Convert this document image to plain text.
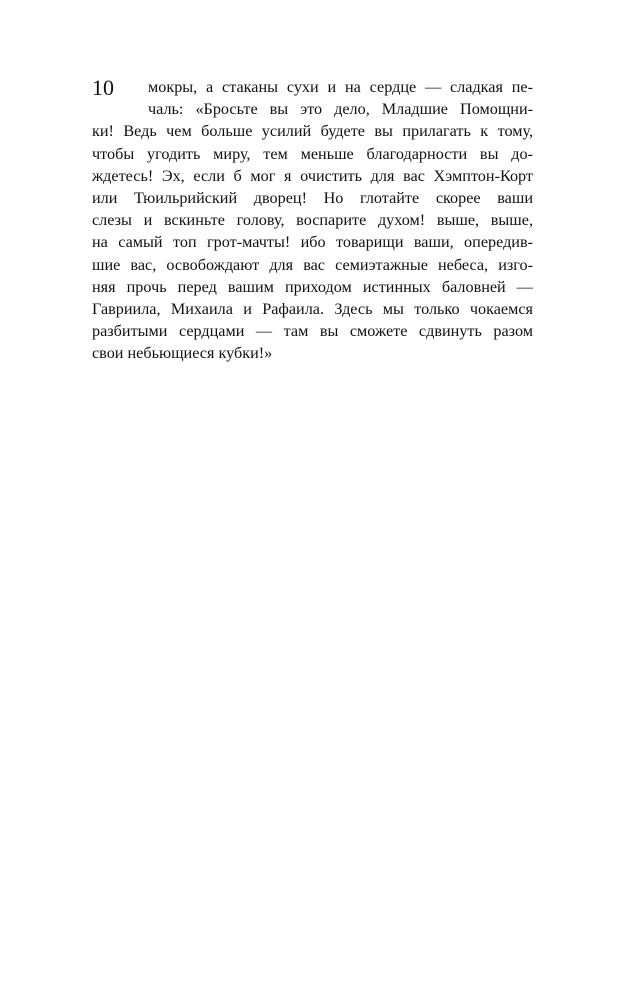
10	мокры, а стаканы сухи и на сердце — сладкая пе-
чаль: «Бросьте вы это дело, Младшие Помощни-
ки! Ведь чем больше усилий будете вы прилагать к тому,
чтобы угодить миру, тем меньше благодарности вы до-
ждетесь! Эх, если б мог я очистить для вас Хэмптон-Корт
или Тюильрийский дворец! Но глотайте скорее ваши
слезы и вскиньте голову, воспарите духом! выше, выше,
на самый топ грот-мачты! ибо товарищи ваши, опередив-
шие вас, освобождают для вас семиэтажные небеса, изго-
няя прочь перед вашим приходом истинных баловней —
Гавриила, Михаила и Рафаила. Здесь мы только чокаемся
разбитыми сердцами — там вы сможете сдвинуть разом
свои небьющиеся кубки!»
